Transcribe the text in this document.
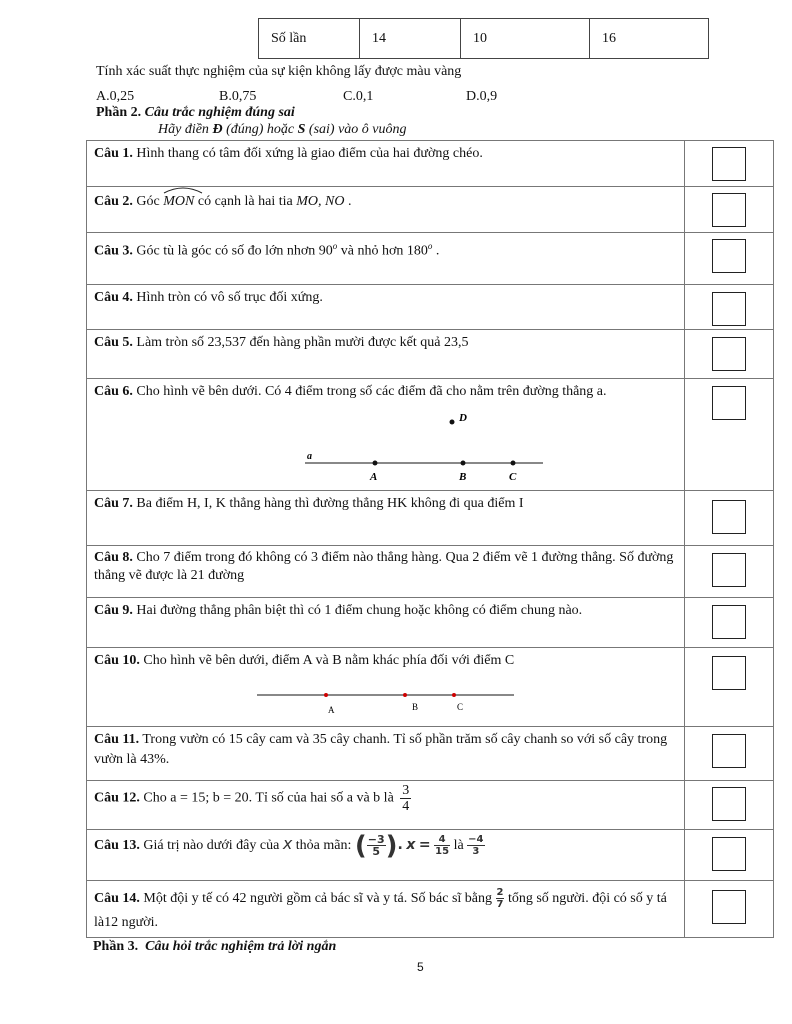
Số lần	14	10	16
Tính xác suất thực nghiệm của sự kiện không lấy được màu vàng
A.0,25	B.0,75	C.0,1	D.0,9
Phần 2. Câu trắc nghiệm đúng sai
Hãy điền Đ (đúng) hoặc S (sai) vào ô vuông
Câu 1. Hình thang có tâm đối xứng là giao điểm của hai đường chéo.
Câu 2. Góc
MON có cạnh là hai tia MO, NO .
Câu 3. Góc tù là góc có số đo lớn nhơn 90$^o$ và nhỏ hơn 180$^o$ .
Câu 4. Hình tròn có vô số trục đối xứng.
Câu 5. Làm tròn số 23,537 đến hàng phần mười được kết quả 23,5
Câu 6. Cho hình vẽ bên dưới. Có 4 điểm trong số các điểm đã cho nằm trên đường thẳng a.
a
D
A	B	C
Câu 7. Ba điểm H, I, K thẳng hàng thì đường thẳng HK không đi qua điểm I
Câu 8. Cho 7 điểm trong đó không có 3 điểm nào thẳng hàng. Qua 2 điểm vẽ 1 đường thẳng. Số đường thẳng vẽ được là 21 đường
Câu 9. Hai đường thẳng phân biệt thì có 1 điểm chung hoặc không có điểm chung nào.
Câu 10. Cho hình vẽ bên dưới, điểm A và B nằm khác phía đối với điểm C
A	B	C
Câu 11. Trong vườn có 15 cây cam và 35 cây chanh. Tỉ số phần trăm số cây chanh so với số cây trong vườn là 43%.
Câu 12. Cho a = 15; b = 20. Tỉ số của hai số a và b là $\frac{3}{4}$
Câu 13. Giá trị nào dưới đây của x thỏa mãn: ( $\frac{-3}{5}$ ). $x = \frac{4}{15}$ là $\frac{-4}{3}$
Câu 14. Một đội y tế có 42 người gồm cả bác sĩ và y tá. Số bác sĩ bằng $\frac{2}{7}$ tổng số người. đội có số y tá là12 người.
Phần 3. Câu hỏi trắc nghiệm trả lời ngắn
5
